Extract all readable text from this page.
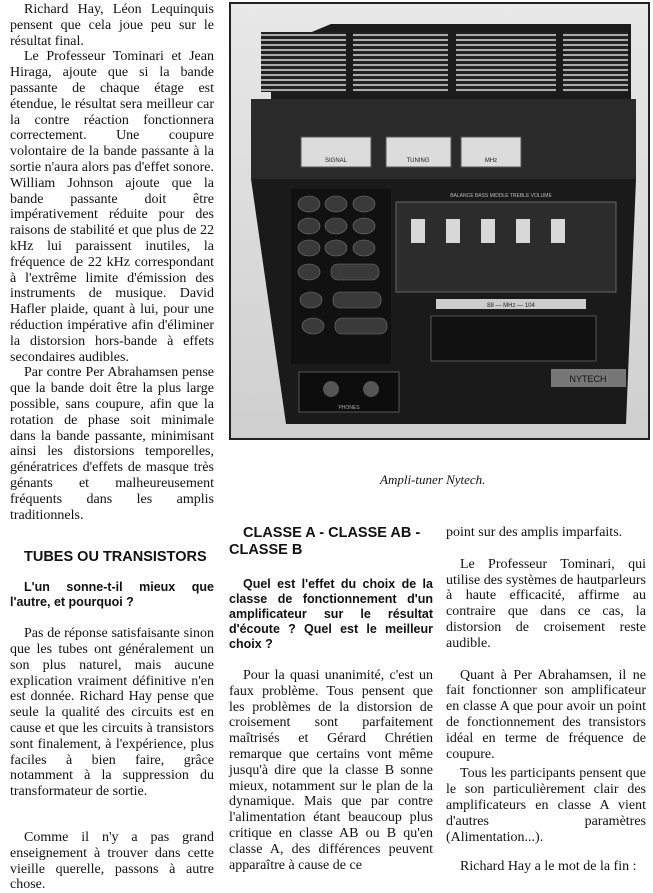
Richard Hay, Léon Lequinquis pensent que cela joue peu sur le résultat final.

Le Professeur Tominari et Jean Hiraga, ajoute que si la bande passante de chaque étage est étendue, le résultat sera meilleur car la contre réaction fonctionnera correctement. Une coupure volontaire de la bande passante à la sortie n'aura alors pas d'effet sonore. William Johnson ajoute que la bande passante doit être impérativement réduite pour des raisons de stabilité et que plus de 22 kHz lui paraissent inutiles, la fréquence de 22 kHz correspondant à l'extrême limite d'émission des instruments de musique. David Hafler plaide, quant à lui, pour une réduction impérative afin d'éliminer la distorsion hors-bande à effets secondaires audibles.

Par contre Per Abrahamsen pense que la bande doit être la plus large possible, sans coupure, afin que la rotation de phase soit minimale dans la bande passante, minimisant ainsi les distorsions temporelles, génératrices d'effets de masque très génants et malheureusement fréquents dans les amplis traditionnels.

TUBES OU TRANSISTORS

L'un sonne-t-il mieux que l'autre, et pourquoi ?

Pas de réponse satisfaisante sinon que les tubes ont généralement un son plus naturel, mais aucune explication vraiment définitive n'en est donnée. Richard Hay pense que seule la qualité des circuits est en cause et que les circuits à transistors sont finalement, à l'expérience, plus faciles à bien faire, grâce notamment à la suppression du transformateur de sortie.

Comme il n'y a pas grand enseignement à trouver dans cette vieille querelle, passons à autre chose.

SIGNAL	TUNING	MHz
PHONES
BALANCE BASS MIDDLE TREBLE VOLUME
88 — MHz — 104
NYTECH
Ampli-tuner Nytech.

CLASSE A - CLASSE AB - CLASSE B

Quel est l'effet du choix de la classe de fonctionnement d'un amplificateur sur le résultat d'écoute ? Quel est le meilleur choix ?

Pour la quasi unanimité, c'est un faux problème. Tous pensent que les problèmes de la distorsion de croisement sont parfaitement maîtrisés et Gérard Chrétien remarque que certains vont même jusqu'à dire que la classe B sonne mieux, notamment sur le plan de la dynamique. Mais que par contre l'alimentation étant beaucoup plus critique en classe AB ou B qu'en classe A, des différences peuvent apparaître à cause de ce

point sur des amplis imparfaits.

Le Professeur Tominari, qui utilise des systèmes de hautparleurs à haute efficacité, affirme au contraire que dans ce cas, la distorsion de croisement reste audible.

Quant à Per Abrahamsen, il ne fait fonctionner son amplificateur en classe A que pour avoir un point de fonctionnement des transistors idéal en terme de fréquence de coupure.

Tous les participants pensent que le son particulièrement clair des amplificateurs en classe A vient d'autres paramètres (Alimentation...).

Richard Hay a le mot de la fin :
